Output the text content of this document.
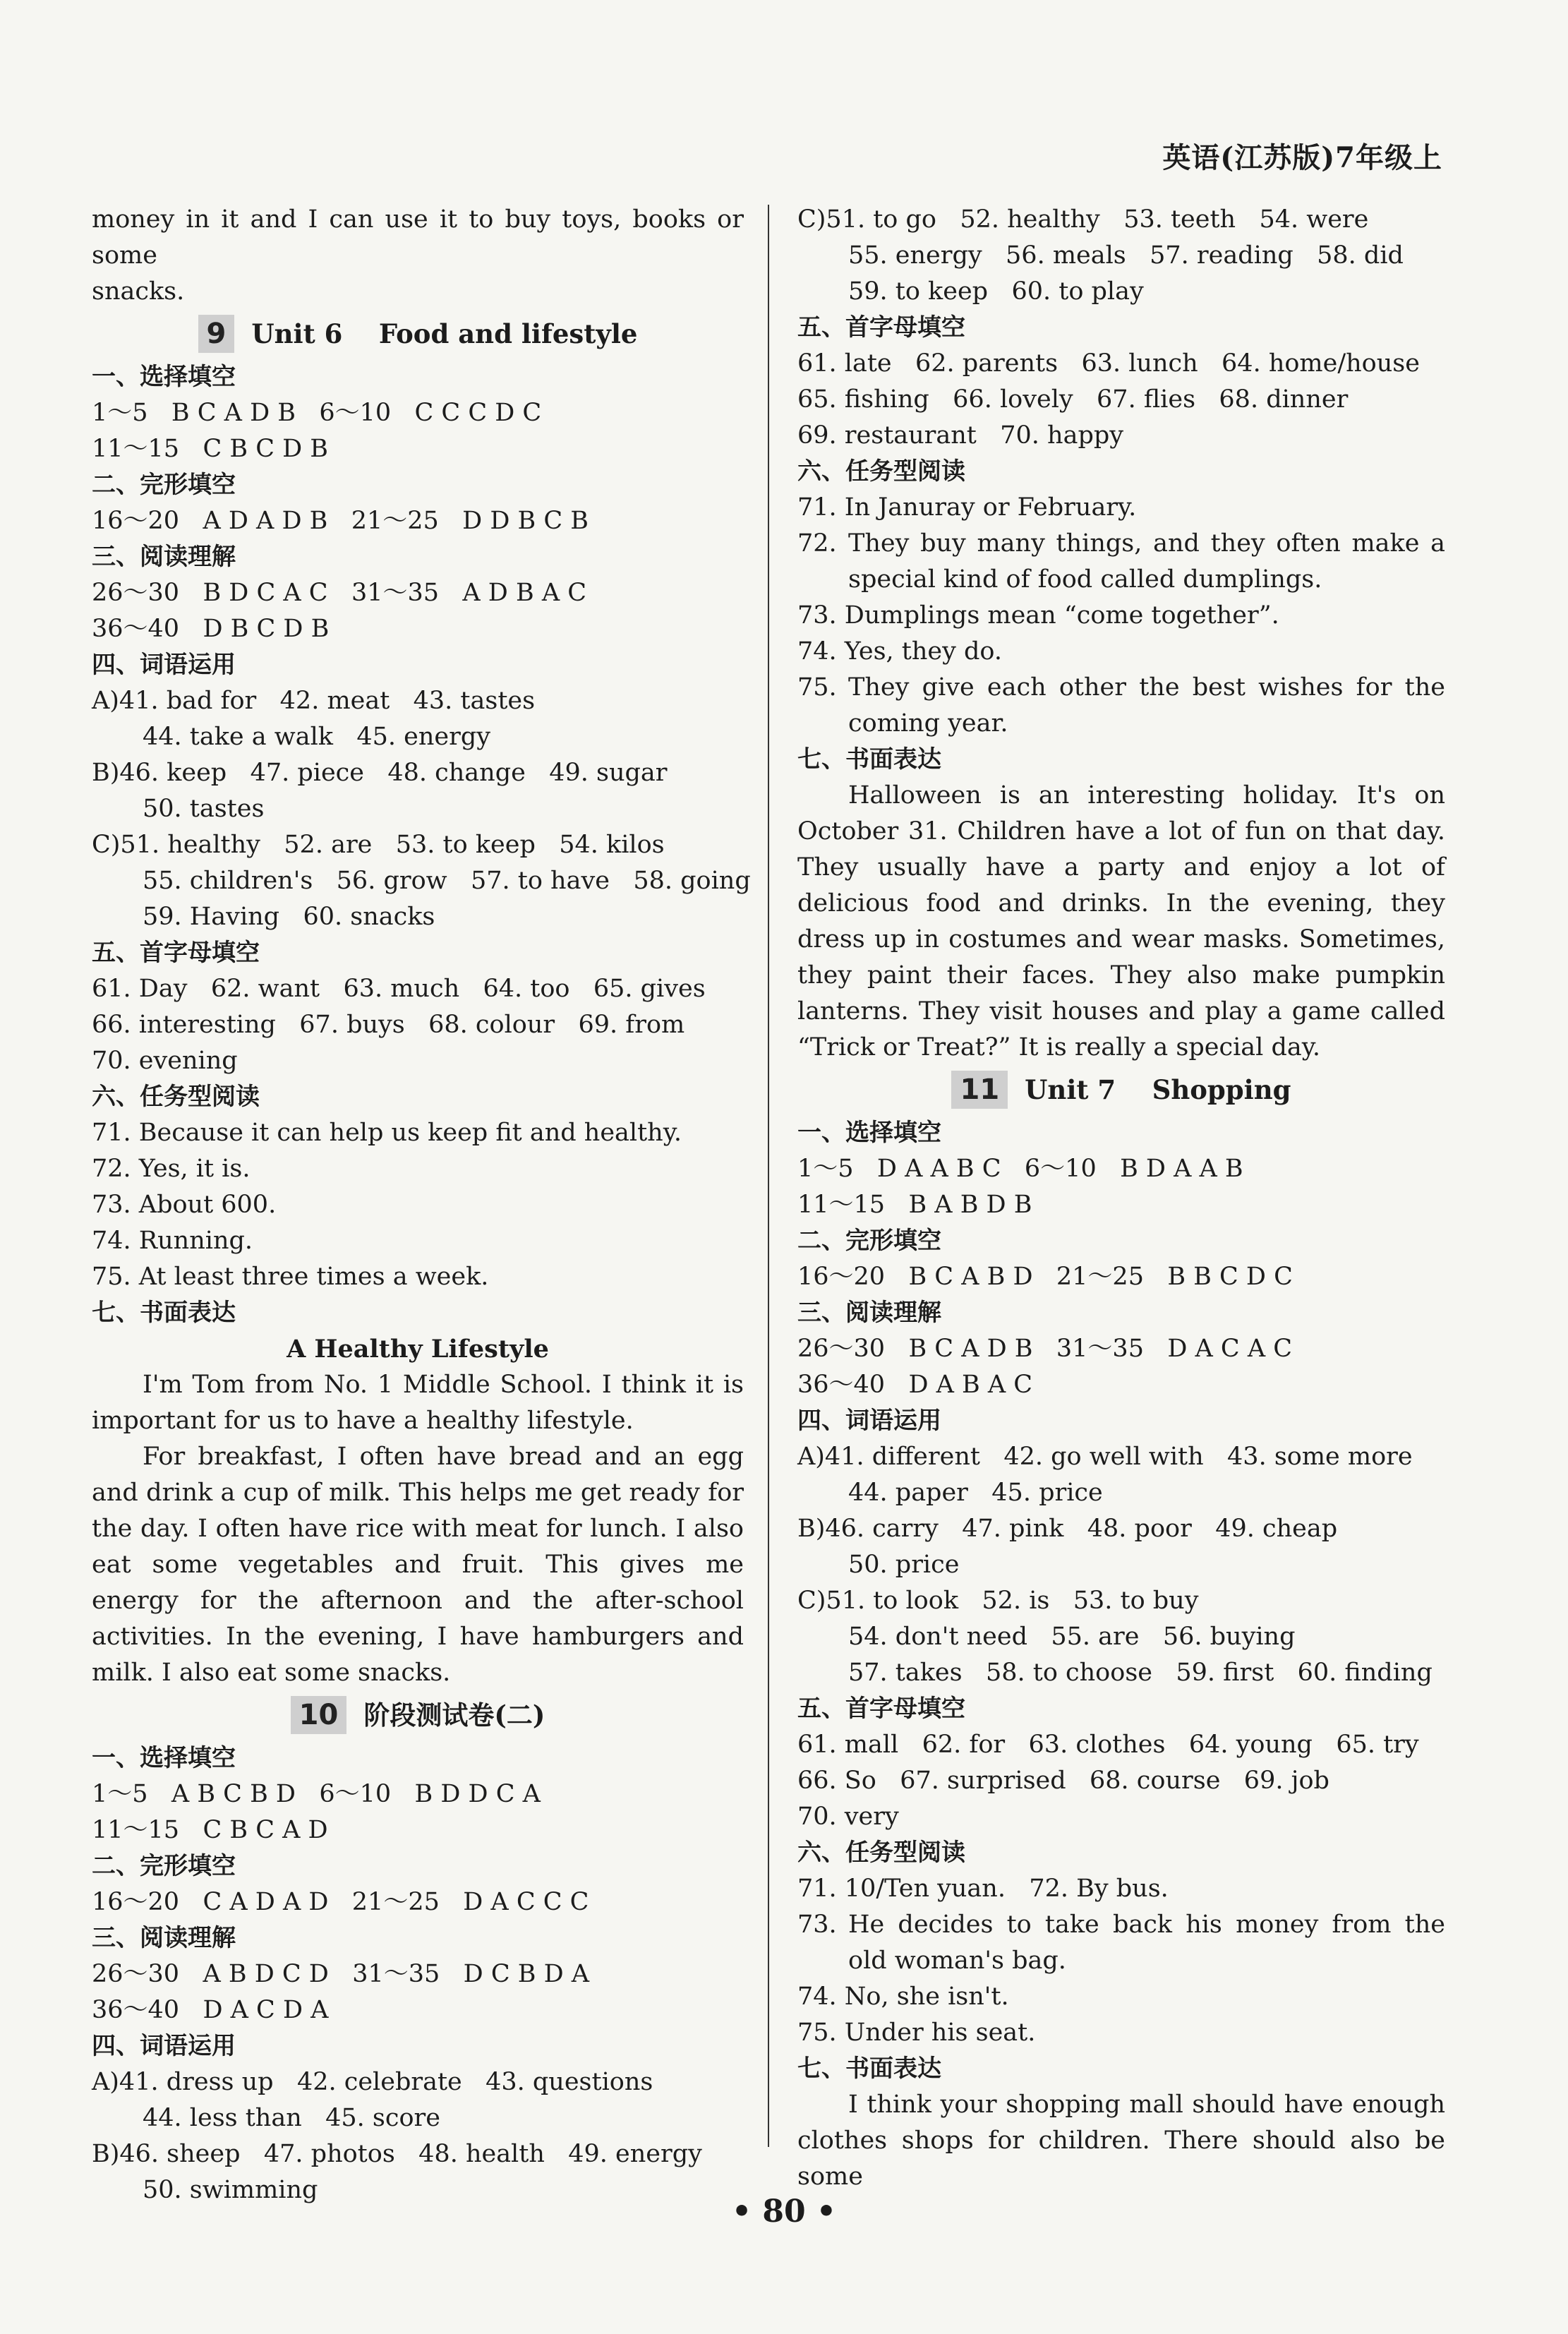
英语(江苏版)7年级上
money in it and I can use it to buy toys, books or some
snacks.
9 Unit 6    Food and lifestyle
一、选择填空
1～5   B C A D B   6～10   C C C D C
11～15   C B C D B
二、完形填空
16～20   A D A D B   21～25   D D B C B
三、阅读理解
26～30   B D C A C   31～35   A D B A C
36～40   D B C D B
四、词语运用
A)41. bad for   42. meat   43. tastes
44. take a walk   45. energy
B)46. keep   47. piece   48. change   49. sugar
50. tastes
C)51. healthy   52. are   53. to keep   54. kilos
55. children's   56. grow   57. to have   58. going
59. Having   60. snacks
五、首字母填空
61. Day   62. want   63. much   64. too   65. gives
66. interesting   67. buys   68. colour   69. from
70. evening
六、任务型阅读
71. Because it can help us keep fit and healthy.
72. Yes, it is.
73. About 600.
74. Running.
75. At least three times a week.
七、书面表达
A Healthy Lifestyle
I'm Tom from No. 1 Middle School. I think it is important for us to have a healthy lifestyle.
For breakfast, I often have bread and an egg and drink a cup of milk. This helps me get ready for the day. I often have rice with meat for lunch. I also eat some vegetables and fruit. This gives me energy for the afternoon and the after-school activities. In the evening, I have hamburgers and milk. I also eat some snacks.
10 阶段测试卷(二)
一、选择填空
1～5   A B C B D   6～10   B D D C A
11～15   C B C A D
二、完形填空
16～20   C A D A D   21～25   D A C C C
三、阅读理解
26～30   A B D C D   31～35   D C B D A
36～40   D A C D A
四、词语运用
A)41. dress up   42. celebrate   43. questions
44. less than   45. score
B)46. sheep   47. photos   48. health   49. energy
50. swimming
C)51. to go   52. healthy   53. teeth   54. were
55. energy   56. meals   57. reading   58. did
59. to keep   60. to play
五、首字母填空
61. late   62. parents   63. lunch   64. home/house
65. fishing   66. lovely   67. flies   68. dinner
69. restaurant   70. happy
六、任务型阅读
71. In Januray or February.
72. They buy many things, and they often make a special kind of food called dumplings.
73. Dumplings mean “come together”.
74. Yes, they do.
75. They give each other the best wishes for the coming year.
七、书面表达
Halloween is an interesting holiday. It's on October 31. Children have a lot of fun on that day. They usually have a party and enjoy a lot of delicious food and drinks. In the evening, they dress up in costumes and wear masks. Sometimes, they paint their faces. They also make pumpkin lanterns. They visit houses and play a game called “Trick or Treat?” It is really a special day.
11 Unit 7    Shopping
一、选择填空
1～5   D A A B C   6～10   B D A A B
11～15   B A B D B
二、完形填空
16～20   B C A B D   21～25   B B C D C
三、阅读理解
26～30   B C A D B   31～35   D A C A C
36～40   D A B A C
四、词语运用
A)41. different   42. go well with   43. some more
44. paper   45. price
B)46. carry   47. pink   48. poor   49. cheap
50. price
C)51. to look   52. is   53. to buy
54. don't need   55. are   56. buying
57. takes   58. to choose   59. first   60. finding
五、首字母填空
61. mall   62. for   63. clothes   64. young   65. try
66. So   67. surprised   68. course   69. job
70. very
六、任务型阅读
71. 10/Ten yuan.   72. By bus.
73. He decides to take back his money from the old woman's bag.
74. No, she isn't.
75. Under his seat.
七、书面表达
I think your shopping mall should have enough clothes shops for children. There should also be some
• 80 •
